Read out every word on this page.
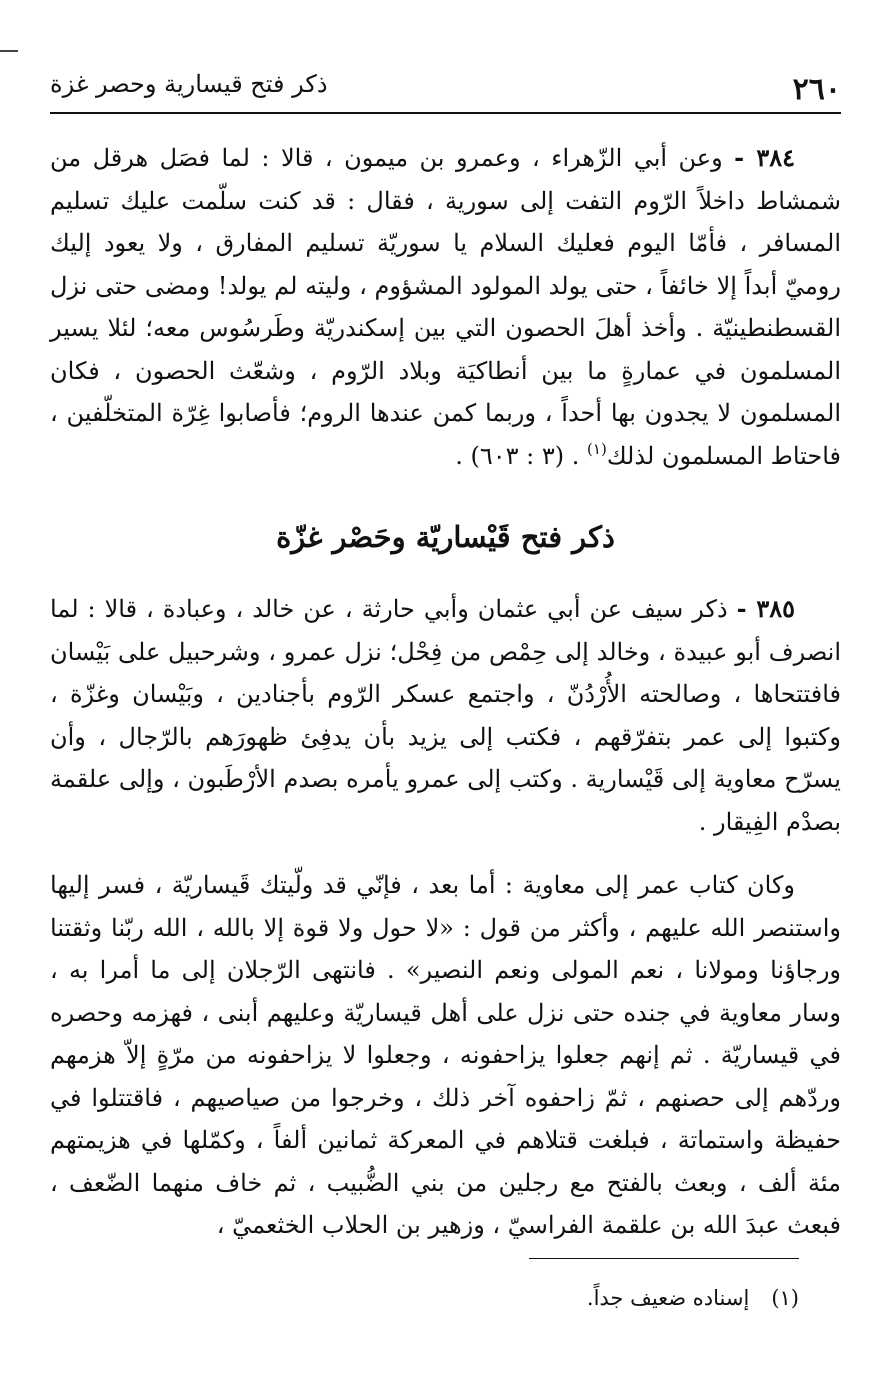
٢٦٠
ذكر فتح قيسارية وحصر غزة

٣٨٤ - وعن أبي الزّهراء ، وعمرو بن ميمون ، قالا : لما فصَل هرقل من شمشاط داخلاً الرّوم التفت إلى سورية ، فقال : قد كنت سلّمت عليك تسليم المسافر ، فأمّا اليوم فعليك السلام يا سوريّة تسليم المفارق ، ولا يعود إليك روميّ أبداً إلا خائفاً ، حتى يولد المولود المشؤوم ، وليته لم يولد! ومضى حتى نزل القسطنطينيّة . وأخذ أهلَ الحصون التي بين إسكندريّة وطَرسُوس معه؛ لئلا يسير المسلمون في عمارةٍ ما بين أنطاكيَة وبلاد الرّوم ، وشعّث الحصون ، فكان المسلمون لا يجدون بها أحداً ، وربما كمن عندها الروم؛ فأصابوا غِرّة المتخلّفين ، فاحتاط المسلمون لذلك$^{(١)}$ . (٣ : ٦٠٣) .

ذكر فتح قَيْساريّة وحَصْر غزّة

٣٨٥ - ذكر سيف عن أبي عثمان وأبي حارثة ، عن خالد ، وعبادة ، قالا : لما انصرف أبو عبيدة ، وخالد إلى حِمْص من فِحْل؛ نزل عمرو ، وشرحبيل على بَيْسان فافتتحاها ، وصالحته الأُرْدُنّ ، واجتمع عسكر الرّوم بأجنادين ، وبَيْسان وغزّة ، وكتبوا إلى عمر بتفرّقهم ، فكتب إلى يزيد بأن يدفِئ ظهورَهم بالرّجال ، وأن يسرّح معاوية إلى قَيْسارية . وكتب إلى عمرو يأمره بصدم الأرْطَبون ، وإلى علقمة بصدْم الفِيقار .

وكان كتاب عمر إلى معاوية : أما بعد ، فإنّي قد ولّيتك قَيساريّة ، فسر إليها واستنصر الله عليهم ، وأكثر من قول : «لا حول ولا قوة إلا بالله ، الله ربّنا وثقتنا ورجاؤنا ومولانا ، نعم المولى ونعم النصير» . فانتهى الرّجلان إلى ما أمرا به ، وسار معاوية في جنده حتى نزل على أهل قيساريّة وعليهم أبنى ، فهزمه وحصره في قيساريّة . ثم إنهم جعلوا يزاحفونه ، وجعلوا لا يزاحفونه من مرّةٍ إلاّ هزمهم وردّهم إلى حصنهم ، ثمّ زاحفوه آخر ذلك ، وخرجوا من صياصيهم ، فاقتتلوا في حفيظة واستماتة ، فبلغت قتلاهم في المعركة ثمانين ألفاً ، وكمّلها في هزيمتهم مئة ألف ، وبعث بالفتح مع رجلين من بني الضُّبيب ، ثم خاف منهما الضّعف ، فبعث عبدَ الله بن علقمة الفراسيّ ، وزهير بن الحلاب الخثعميّ ،

(١)إسناده ضعيف جداً.
